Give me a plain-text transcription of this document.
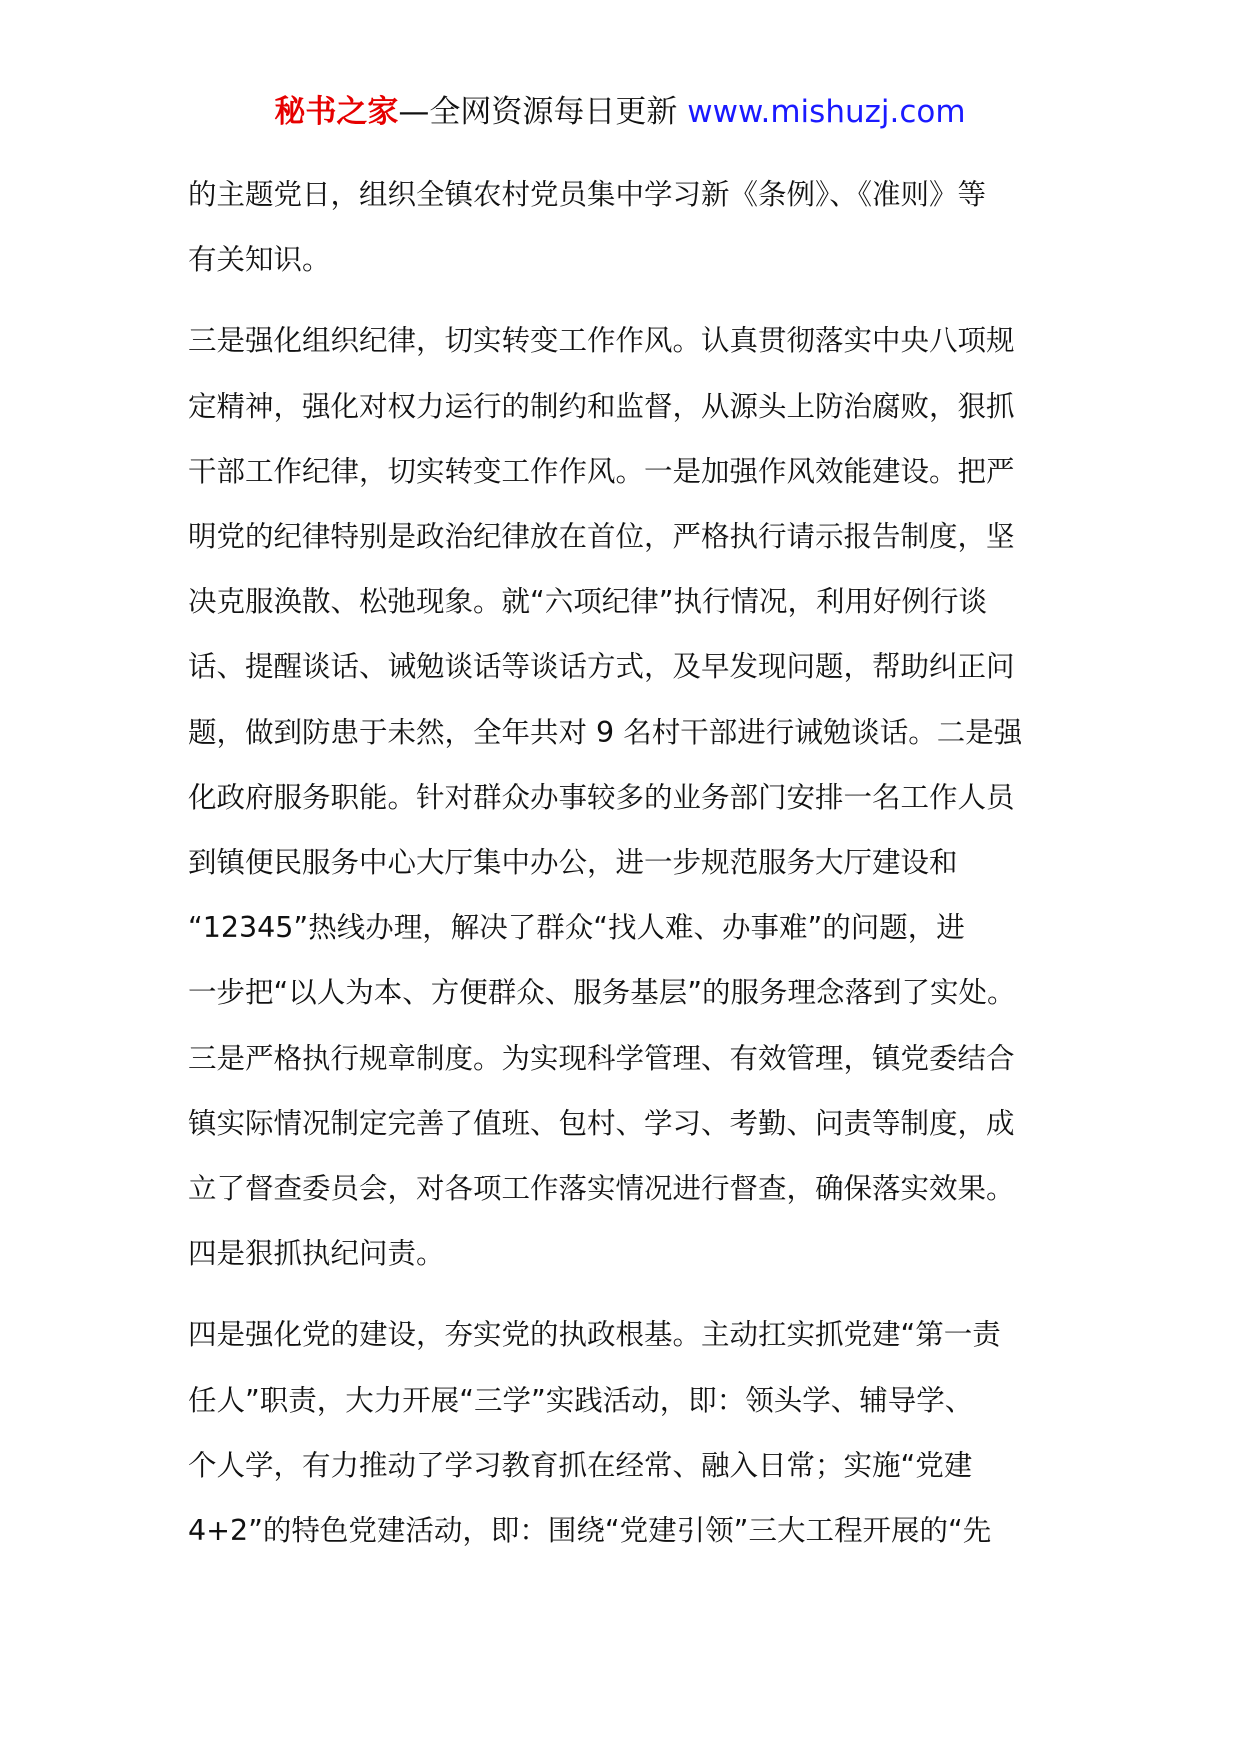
秘书之家—全网资源每日更新 www.mishuzj.com

的主题党日，组织全镇农村党员集中学习新《条例》、《准则》等
有关知识。

三是强化组织纪律，切实转变工作作风。认真贯彻落实中央八项规
定精神，强化对权力运行的制约和监督，从源头上防治腐败，狠抓
干部工作纪律，切实转变工作作风。一是加强作风效能建设。把严
明党的纪律特别是政治纪律放在首位，严格执行请示报告制度，坚
决克服涣散、松弛现象。就“六项纪律”执行情况，利用好例行谈
话、提醒谈话、诫勉谈话等谈话方式，及早发现问题，帮助纠正问
题，做到防患于未然，全年共对 9 名村干部进行诫勉谈话。二是强
化政府服务职能。针对群众办事较多的业务部门安排一名工作人员
到镇便民服务中心大厅集中办公，进一步规范服务大厅建设和
“12345”热线办理，解决了群众“找人难、办事难”的问题，进
一步把“以人为本、方便群众、服务基层”的服务理念落到了实处。
三是严格执行规章制度。为实现科学管理、有效管理，镇党委结合
镇实际情况制定完善了值班、包村、学习、考勤、问责等制度，成
立了督查委员会，对各项工作落实情况进行督查，确保落实效果。
四是狠抓执纪问责。

四是强化党的建设，夯实党的执政根基。主动扛实抓党建“第一责
任人”职责，大力开展“三学”实践活动，即：领头学、辅导学、
个人学，有力推动了学习教育抓在经常、融入日常；实施“党建
4+2”的特色党建活动，即：围绕“党建引领”三大工程开展的“先
